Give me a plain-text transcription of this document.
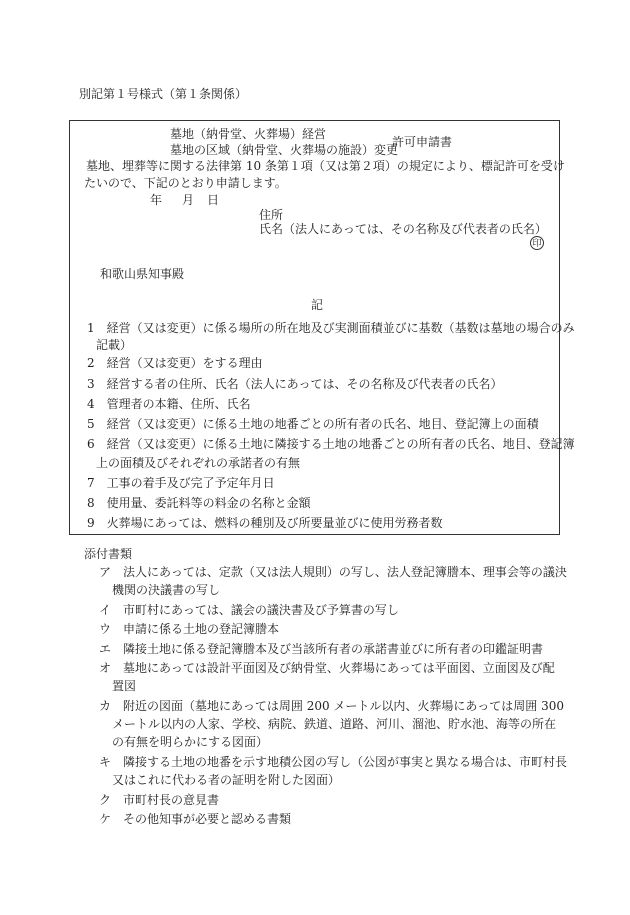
別記第１号様式（第１条関係）
墓地（納骨堂、火葬場）経営
墓地の区域（納骨堂、火葬場の施設）変更
許可申請書
墓地、埋葬等に関する法律第 10 条第１項（又は第２項）の規定により、標記許可を受け
たいので、下記のとおり申請します。
年 月 日
住所
氏名（法人にあっては、その名称及び代表者の氏名）
印
和歌山県知事殿
記
1　経営（又は変更）に係る場所の所在地及び実測面積並びに基数（基数は墓地の場合のみ
記載）
2　経営（又は変更）をする理由
3　経営する者の住所、氏名（法人にあっては、その名称及び代表者の氏名）
4　管理者の本籍、住所、氏名
5　経営（又は変更）に係る土地の地番ごとの所有者の氏名、地目、登記簿上の面積
6　経営（又は変更）に係る土地に隣接する土地の地番ごとの所有者の氏名、地目、登記簿
上の面積及びそれぞれの承諾者の有無
7　工事の着手及び完了予定年月日
8　使用量、委託料等の料金の名称と金額
9　火葬場にあっては、燃料の種別及び所要量並びに使用労務者数
添付書類
ア　法人にあっては、定款（又は法人規則）の写し、法人登記簿謄本、理事会等の議決
機関の決議書の写し
イ　市町村にあっては、議会の議決書及び予算書の写し
ウ　申請に係る土地の登記簿謄本
エ　隣接土地に係る登記簿謄本及び当該所有者の承諾書並びに所有者の印鑑証明書
オ　墓地にあっては設計平面図及び納骨堂、火葬場にあっては平面図、立面図及び配
置図
カ　附近の図面（墓地にあっては周囲 200 メートル以内、火葬場にあっては周囲 300
メートル以内の人家、学校、病院、鉄道、道路、河川、溜池、貯水池、海等の所在
の有無を明らかにする図面）
キ　隣接する土地の地番を示す地積公図の写し（公図が事実と異なる場合は、市町村長
又はこれに代わる者の証明を附した図面）
ク　市町村長の意見書
ケ　その他知事が必要と認める書類
